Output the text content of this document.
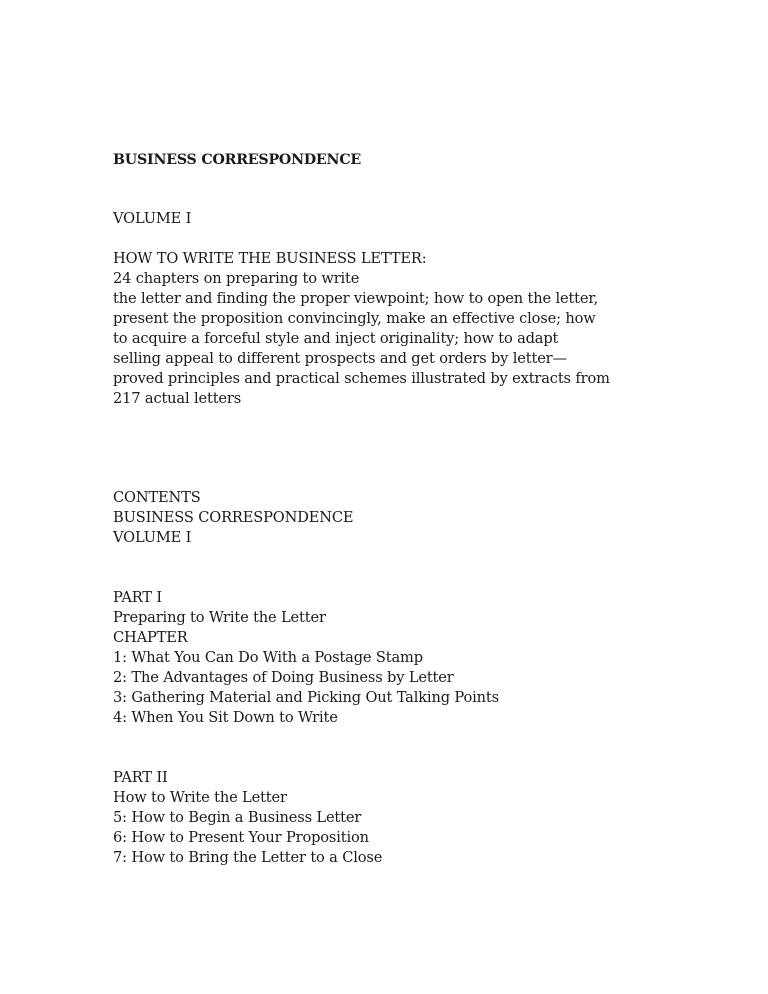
BUSINESS CORRESPONDENCE
VOLUME I
HOW TO WRITE THE BUSINESS LETTER:
24 chapters on preparing to write
the letter and finding the proper viewpoint; how to open the letter,
present the proposition convincingly, make an effective close; how
to acquire a forceful style and inject originality; how to adapt
selling appeal to different prospects and get orders by letter—
proved principles and practical schemes illustrated by extracts from
217 actual letters
CONTENTS
BUSINESS CORRESPONDENCE
VOLUME I
PART I
Preparing to Write the Letter
CHAPTER
1: What You Can Do With a Postage Stamp
2: The Advantages of Doing Business by Letter
3: Gathering Material and Picking Out Talking Points
4: When You Sit Down to Write
PART II
How to Write the Letter
5: How to Begin a Business Letter
6: How to Present Your Proposition
7: How to Bring the Letter to a Close
